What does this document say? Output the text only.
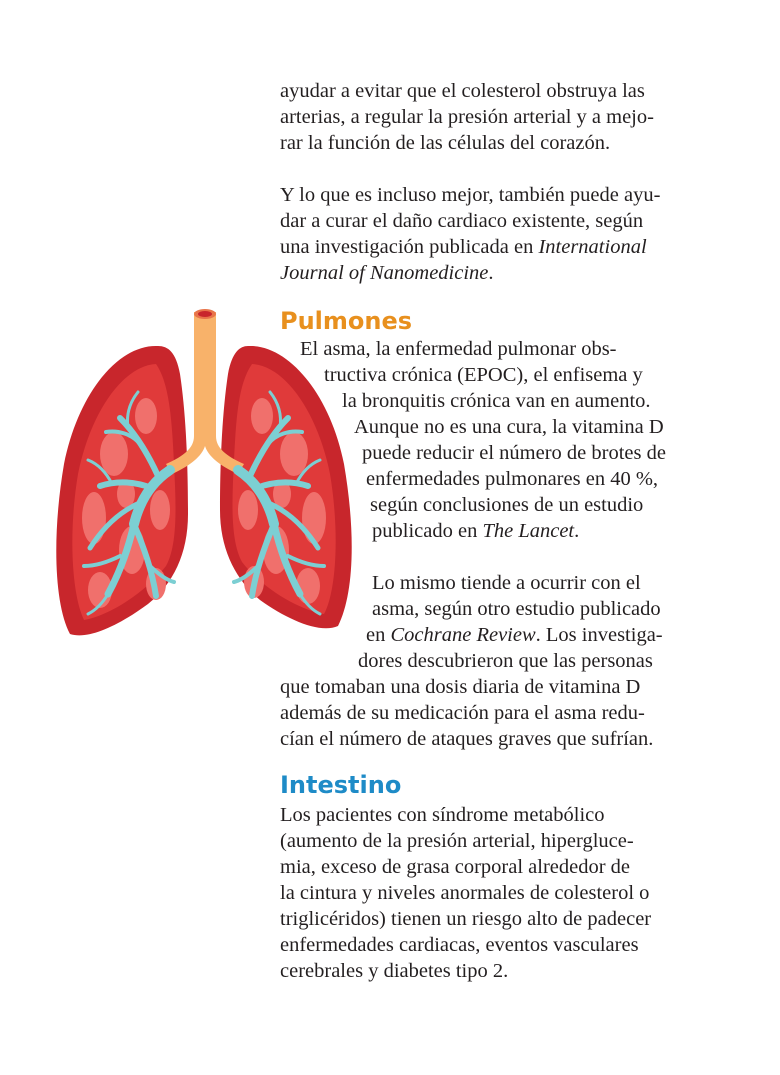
ayudar a evitar que el colesterol obstruya las
arterias, a regular la presión arterial y a mejo-
rar la función de las células del corazón.
Y lo que es incluso mejor, también puede ayu-
dar a curar el daño cardiaco existente, según
una investigación publicada en International
Journal of Nanomedicine.
Pulmones
El asma, la enfermedad pulmonar obs-
tructiva crónica (EPOC), el enfisema y
la bronquitis crónica van en aumento.
Aunque no es una cura, la vitamina D
puede reducir el número de brotes de
enfermedades pulmonares en 40 %,
según conclusiones de un estudio
publicado en The Lancet.
Lo mismo tiende a ocurrir con el
asma, según otro estudio publicado
en Cochrane Review. Los investiga-
dores descubrieron que las personas
que tomaban una dosis diaria de vitamina D
además de su medicación para el asma redu-
cían el número de ataques graves que sufrían.
Intestino
Los pacientes con síndrome metabólico
(aumento de la presión arterial, hiperglucе-
mia, exceso de grasa corporal alrededor de
la cintura y niveles anormales de colesterol o
triglicéridos) tienen un riesgo alto de padecer
enfermedades cardiacas, eventos vasculares
cerebrales y diabetes tipo 2.
